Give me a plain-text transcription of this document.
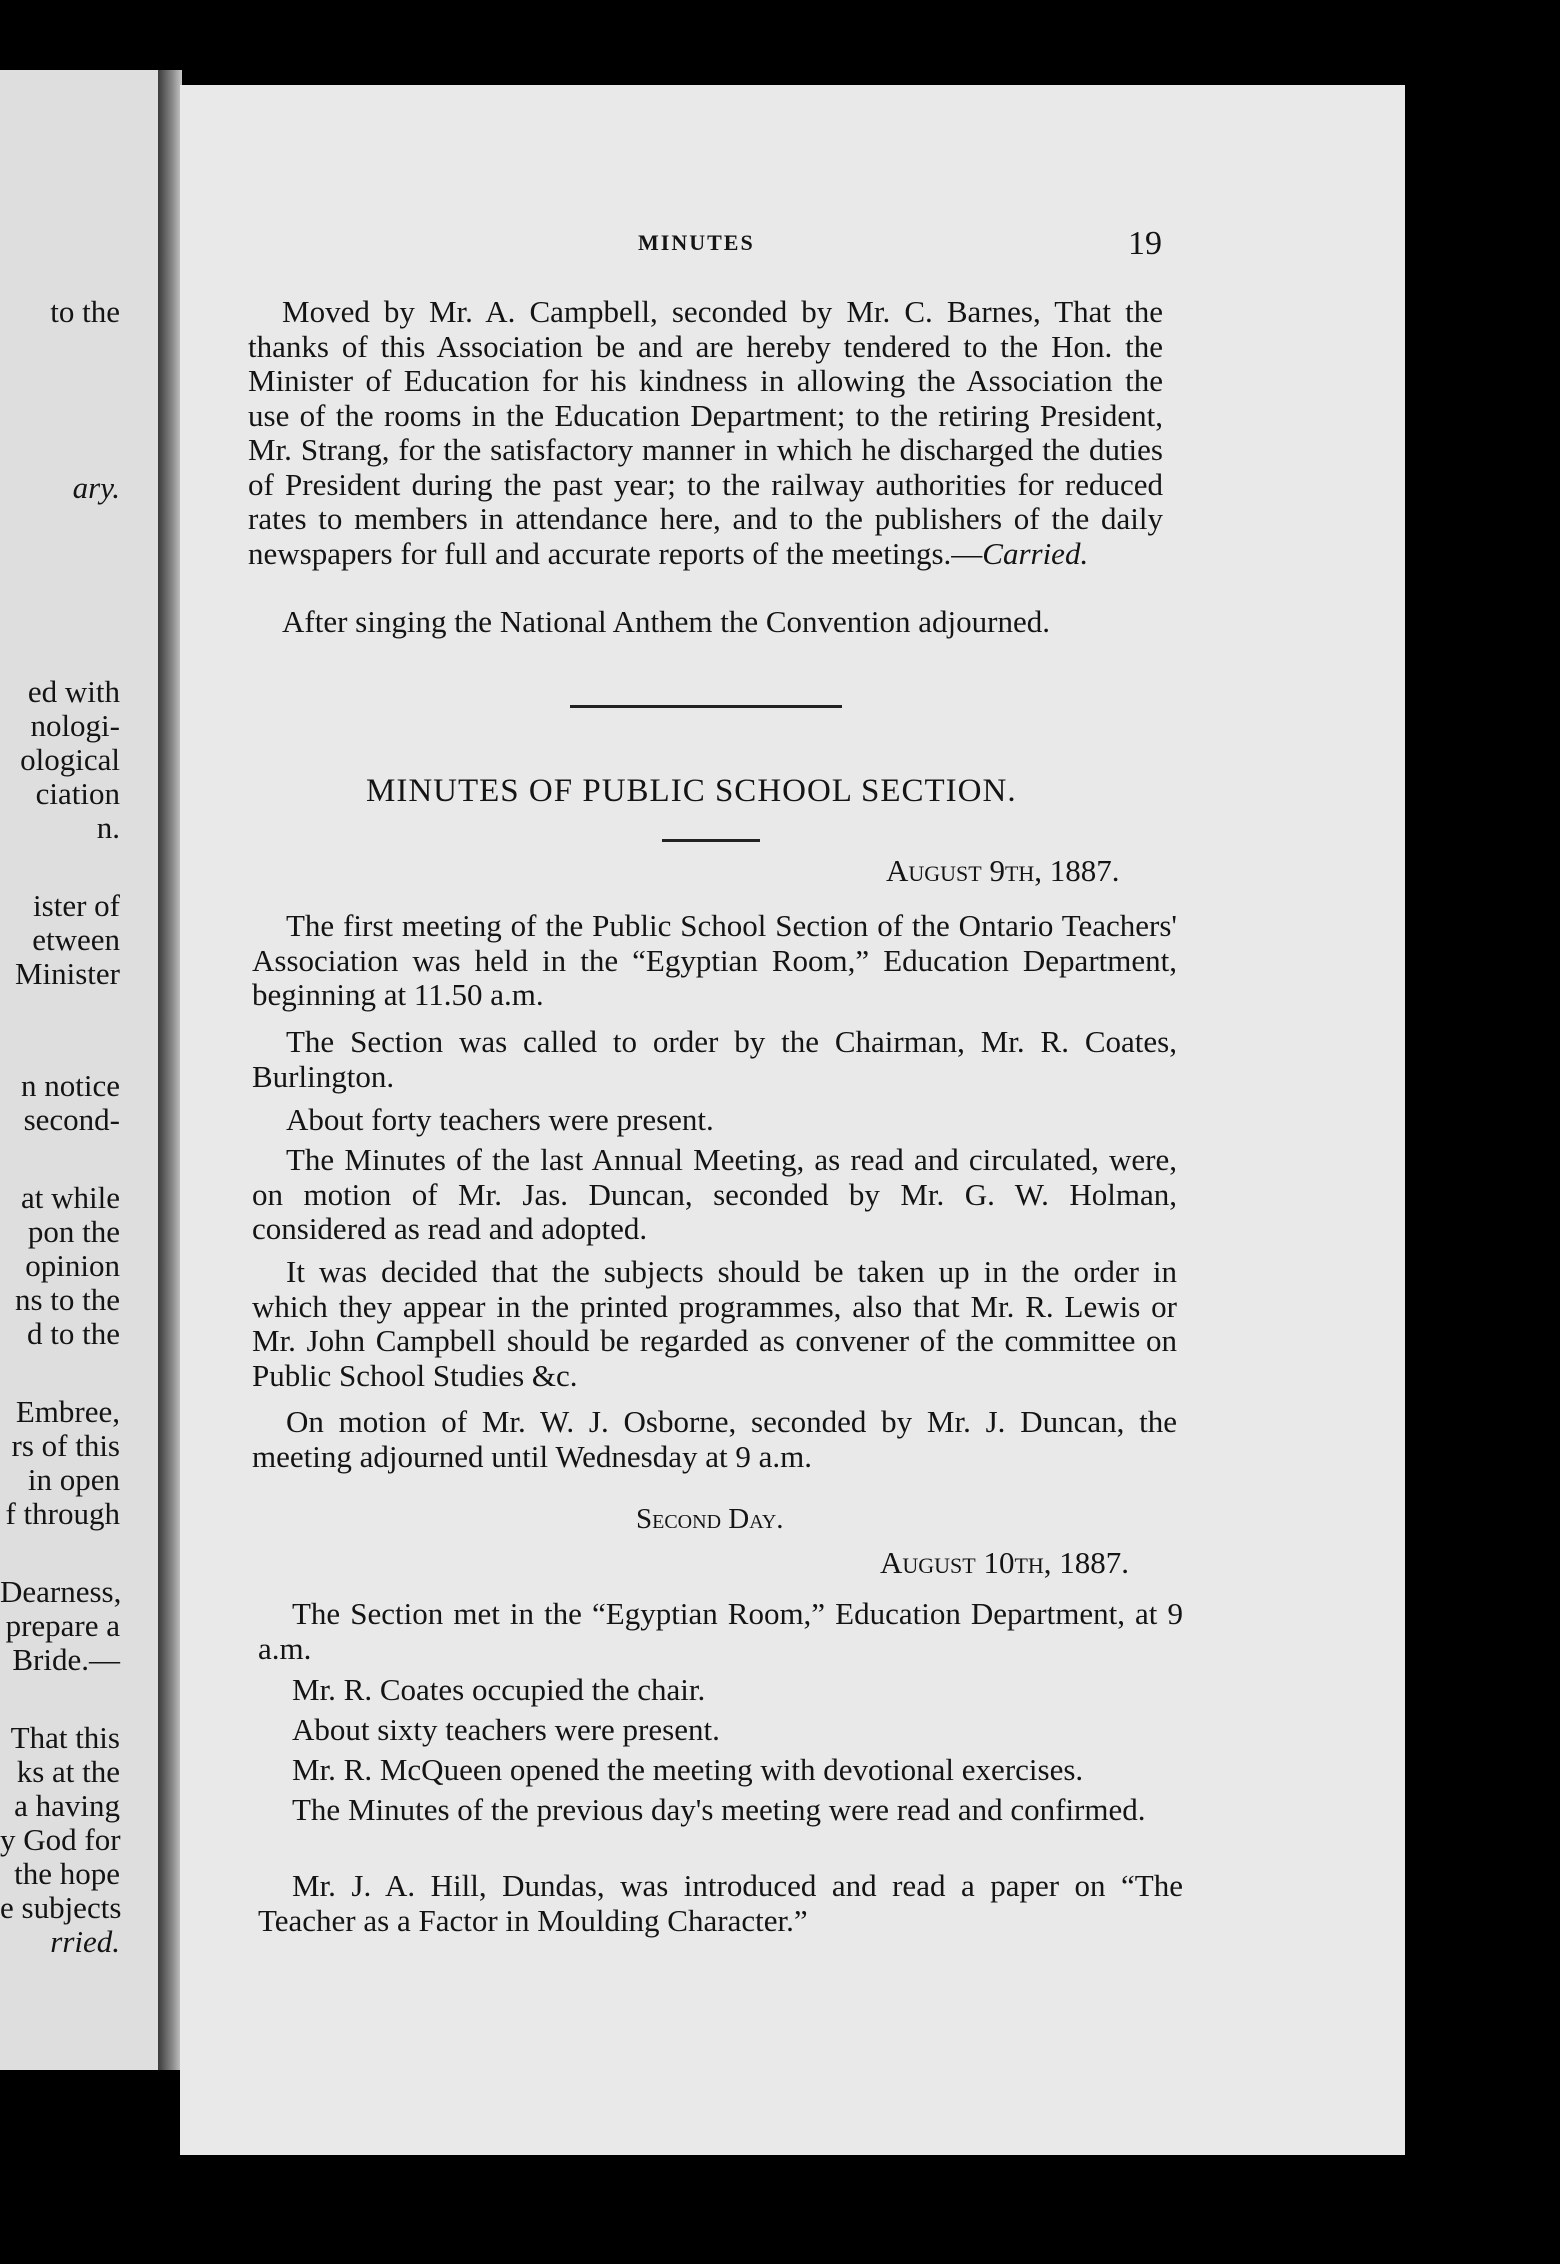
to the
ary.
ed with
nologi-
ological
ciation
n.
ister of
etween
Minister
n notice
second-
at while
pon the
opinion
ns to the
d to the
Embree,
rs of this
in open
f through
Dearness,
prepare a
Bride.—
That this
ks at the
a having
y God for
the hope
e subjects
rried.
MINUTES	19

Moved by Mr. A. Campbell, seconded by Mr. C. Barnes, That the thanks of this Association be and are hereby tendered to the Hon. the Minister of Education for his kindness in allowing the Association the use of the rooms in the Education Department; to the retiring President, Mr. Strang, for the satisfactory manner in which he discharged the duties of President during the past year; to the railway authorities for reduced rates to members in attendance here, and to the publishers of the daily newspapers for full and accurate reports of the meetings.—Carried.

After singing the National Anthem the Convention adjourned.

MINUTES OF PUBLIC SCHOOL SECTION.
August 9th, 1887.

The first meeting of the Public School Section of the Ontario Teachers' Association was held in the “Egyptian Room,” Education Department, beginning at 11.50 a.m.

The Section was called to order by the Chairman, Mr. R. Coates, Burlington.

About forty teachers were present.

The Minutes of the last Annual Meeting, as read and circulated, were, on motion of Mr. Jas. Duncan, seconded by Mr. G. W. Holman, considered as read and adopted.

It was decided that the subjects should be taken up in the order in which they appear in the printed programmes, also that Mr. R. Lewis or Mr. John Campbell should be regarded as convener of the committee on Public School Studies &c.

On motion of Mr. W. J. Osborne, seconded by Mr. J. Duncan, the meeting adjourned until Wednesday at 9 a.m.

Second Day.
August 10th, 1887.

The Section met in the “Egyptian Room,” Education Department, at 9 a.m.

Mr. R. Coates occupied the chair.

About sixty teachers were present.

Mr. R. McQueen opened the meeting with devotional exercises.

The Minutes of the previous day's meeting were read and confirmed.

Mr. J. A. Hill, Dundas, was introduced and read a paper on “The Teacher as a Factor in Moulding Character.”
